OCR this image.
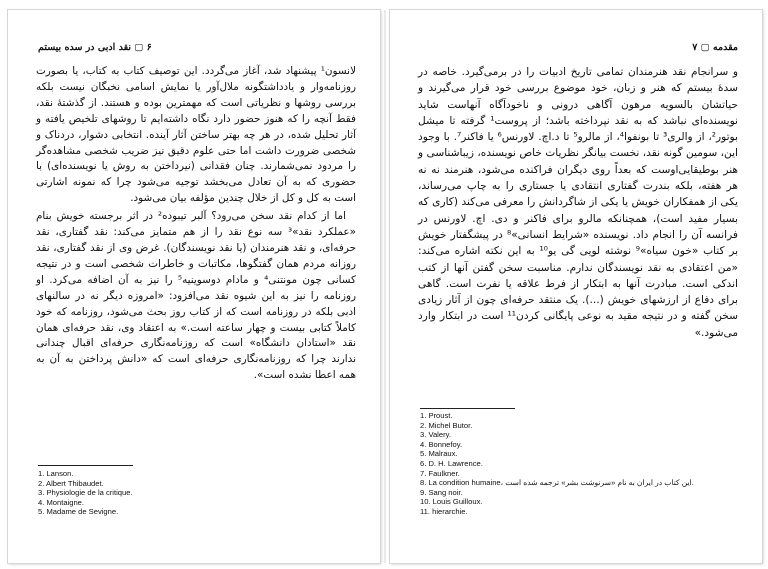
۶ ▢ نقد ادبی در سده بیستم

لانسون¹ پیشنهاد شد، آغاز می‌گردد. این توصیف کتاب به کتاب، یا بصورت روزنامه‌وار و یادداشتگونه ملال‌آور یا نمایش اسامی نخبگان نیست بلکه بررسی روشها و نظریاتی است که مهمترین بوده و هستند. از گذشتهٔ نقد، فقط آنچه را که هنوز حضور دارد نگاه داشته‌ایم تا روشهای تلخیص یافته و آثار تحلیل شده، در هر چه بهتر ساختن آثار آینده. انتخابی دشوار، دردناک و شخصی ضرورت داشت اما حتی علوم دقیق نیز ضریب شخصی مشاهده‌گر را مردود نمی‌شمارند. چنان فقدانی (نیرداختن به روش یا نویسنده‌ای) با حضوری که به آن تعادل می‌بخشد توجیه می‌شود چرا که نمونه اشارتی است به کل و کل از خلال چندین مؤلفه بیان می‌شود.

اما از کدام نقد سخن می‌رود؟ آلبر تیبوده² در اثر برجسته خویش بنام «عملکرد نقد»³ سه نوع نقد را از هم متمایز می‌کند: نقد گفتاری، نقد حرفه‌ای، و نقد هنرمندان (یا نقد نویسندگان). غرض وی از نقد گفتاری، نقد روزانه مردم همان گفتگوها، مکاتبات و خاطرات شخصی است و در نتیجه کسانی چون مونتنی⁴ و مادام دوسوینیه⁵ را نیز به آن اضافه می‌کرد. او روزنامه را نیز به این شیوه نقد می‌افزود: «امروزه دیگر نه در سالنهای ادبی بلکه در روزنامه است که از کتاب روز بحث می‌شود، روزنامه که خود کاملاً کتابی بیست و چهار ساعته است.» به اعتقاد وی، نقد حرفه‌ای همان نقد «استادان دانشگاه» است که روزنامه‌نگاری حرفه‌ای اقبال چندانی ندارند چرا که روزنامه‌نگاری حرفه‌ای است که «دانش پرداختن به آن به همه اعطا نشده است».

1. Lanson.
2. Albert Thibaudet.
3. Physiologie de la critique.
4. Montaigne.
5. Madame de Sevigne.
مقدمه ▢ ۷

و سرانجام نقد هنرمندان تمامی تاریخ ادبیات را در برمی‌گیرد. خاصه در سدهٔ بیستم که هنر و زبان، خود موضوع بررسی خود قرار می‌گیرند و حیاتشان بالسویه مرهون آگاهی درونی و ناخودآگاه آنهاست شاید نویسنده‌ای نباشد که به نقد نپرداخته باشد؛ از پروست¹ گرفته تا میشل بوتور²، از والری³ تا بونفوا⁴، از مالرو⁵ تا د.اچ. لاورنس⁶ یا فاکنر⁷. با وجود این، سومین گونه نقد، نخست بیانگر نظریات خاص نویسنده، زیباشناسی و هنر بوطیقایی‌اوست که بعداً روی دیگران فراکنده می‌شود، هنرمند نه نه هر هفته، بلکه بندرت گفتاری انتقادی یا جستاری را به چاپ می‌رساند، یکی از همفکاران خویش یا یکی از شاگردانش را معرفی می‌کند (کاری که بسیار مفید است)، همچنانکه مالرو برای فاکنر و دی. اچ. لاورنس در فرانسه آن را انجام داد. نویسنده «شرایط انسانی»⁸ در پیشگفتار خویش بر کتاب «خون سیاه»⁹ نوشته لویی گی یو¹⁰ به این نکته اشاره می‌کند: «من اعتقادی به نقد نویسندگان ندارم. مناسبت سخن گفتن آنها از کتب اندکی است. مبادرت آنها به ابتکار از فرط علاقه یا نفرت است. گاهی برای دفاع از ارزشهای خویش (...). یک منتقد حرفه‌ای چون از آثار زیادی سخن گفته و در نتیجه مقید به نوعی پایگانی کردن¹¹ است در ابتکار وارد می‌شود.»

1. Proust.
2. Michel Butor.
3. Valery.
4. Bonnefoy.
5. Malraux.
6. D. H. Lawrence.
7. Faulkner.
8. La condition humaine، این کتاب در ایران به نام «سرنوشت بشر» ترجمه شده است.
9. Sang noir.
10. Louis Guilloux.
11. hierarchie.
